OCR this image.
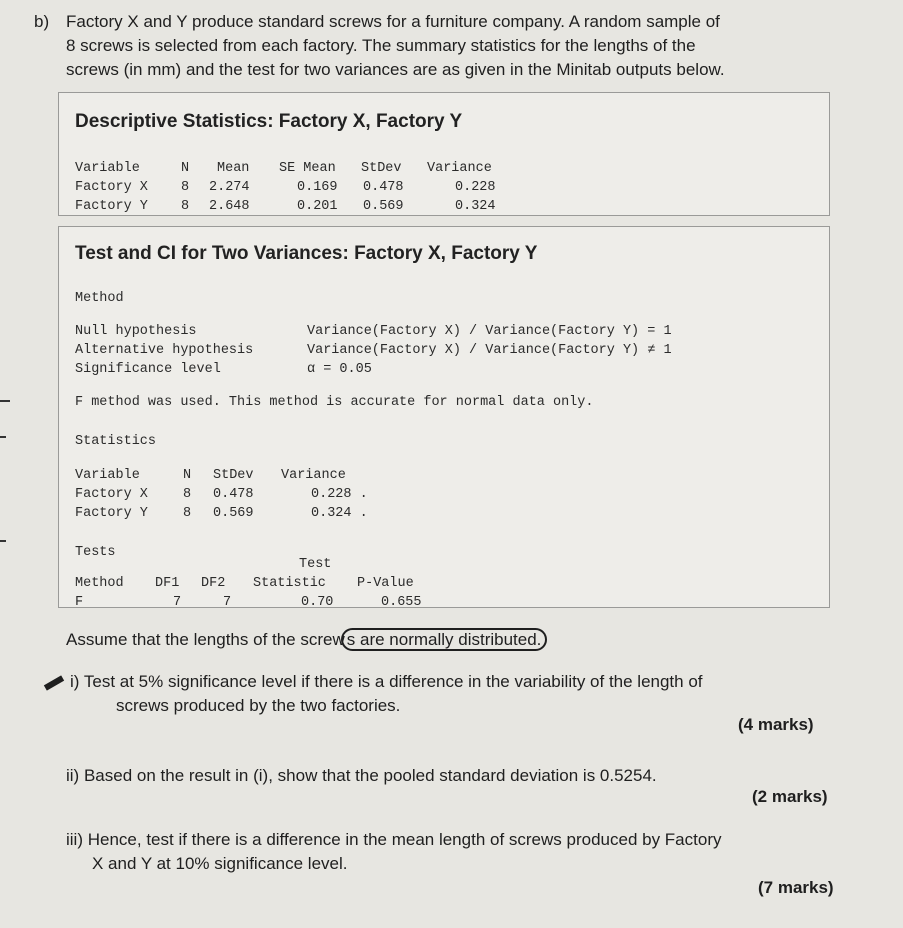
b) Factory X and Y produce standard screws for a furniture company. A random sample of
8 screws is selected from each factory. The summary statistics for the lengths of the
screws (in mm) and the test for two variances are as given in the Minitab outputs below.
Descriptive Statistics: Factory X, Factory Y
Variable	N Mean SE Mean StDev Variance
Factory X 8 2.274	0.169 0.478	0.228
Factory Y 8 2.648	0.201 0.569	0.324
Test and CI for Two Variances: Factory X, Factory Y
Method
Null hypothesis	Variance(Factory X) / Variance(Factory Y) = 1
Alternative hypothesis	Variance(Factory X) / Variance(Factory Y) ≠ 1
Significance level	α = 0.05
F method was used. This method is accurate for normal data only.
Statistics
Variable	N StDev Variance
Factory X	8 0.478	0.228 .
Factory Y	8 0.569	0.324 .
Tests
Test
Method DF1 DF2 Statistic P-Value
F	7	7	0.70	0.655
Assume that the lengths of the screw s are normally distributed.
i) Test at 5% significance level if there is a difference in the variability of the length of
screws produced by the two factories.
(4 marks)
ii) Based on the result in (i), show that the pooled standard deviation is 0.5254.
(2 marks)
iii) Hence, test if there is a difference in the mean length of screws produced by Factory
X and Y at 10% significance level.
(7 marks)
